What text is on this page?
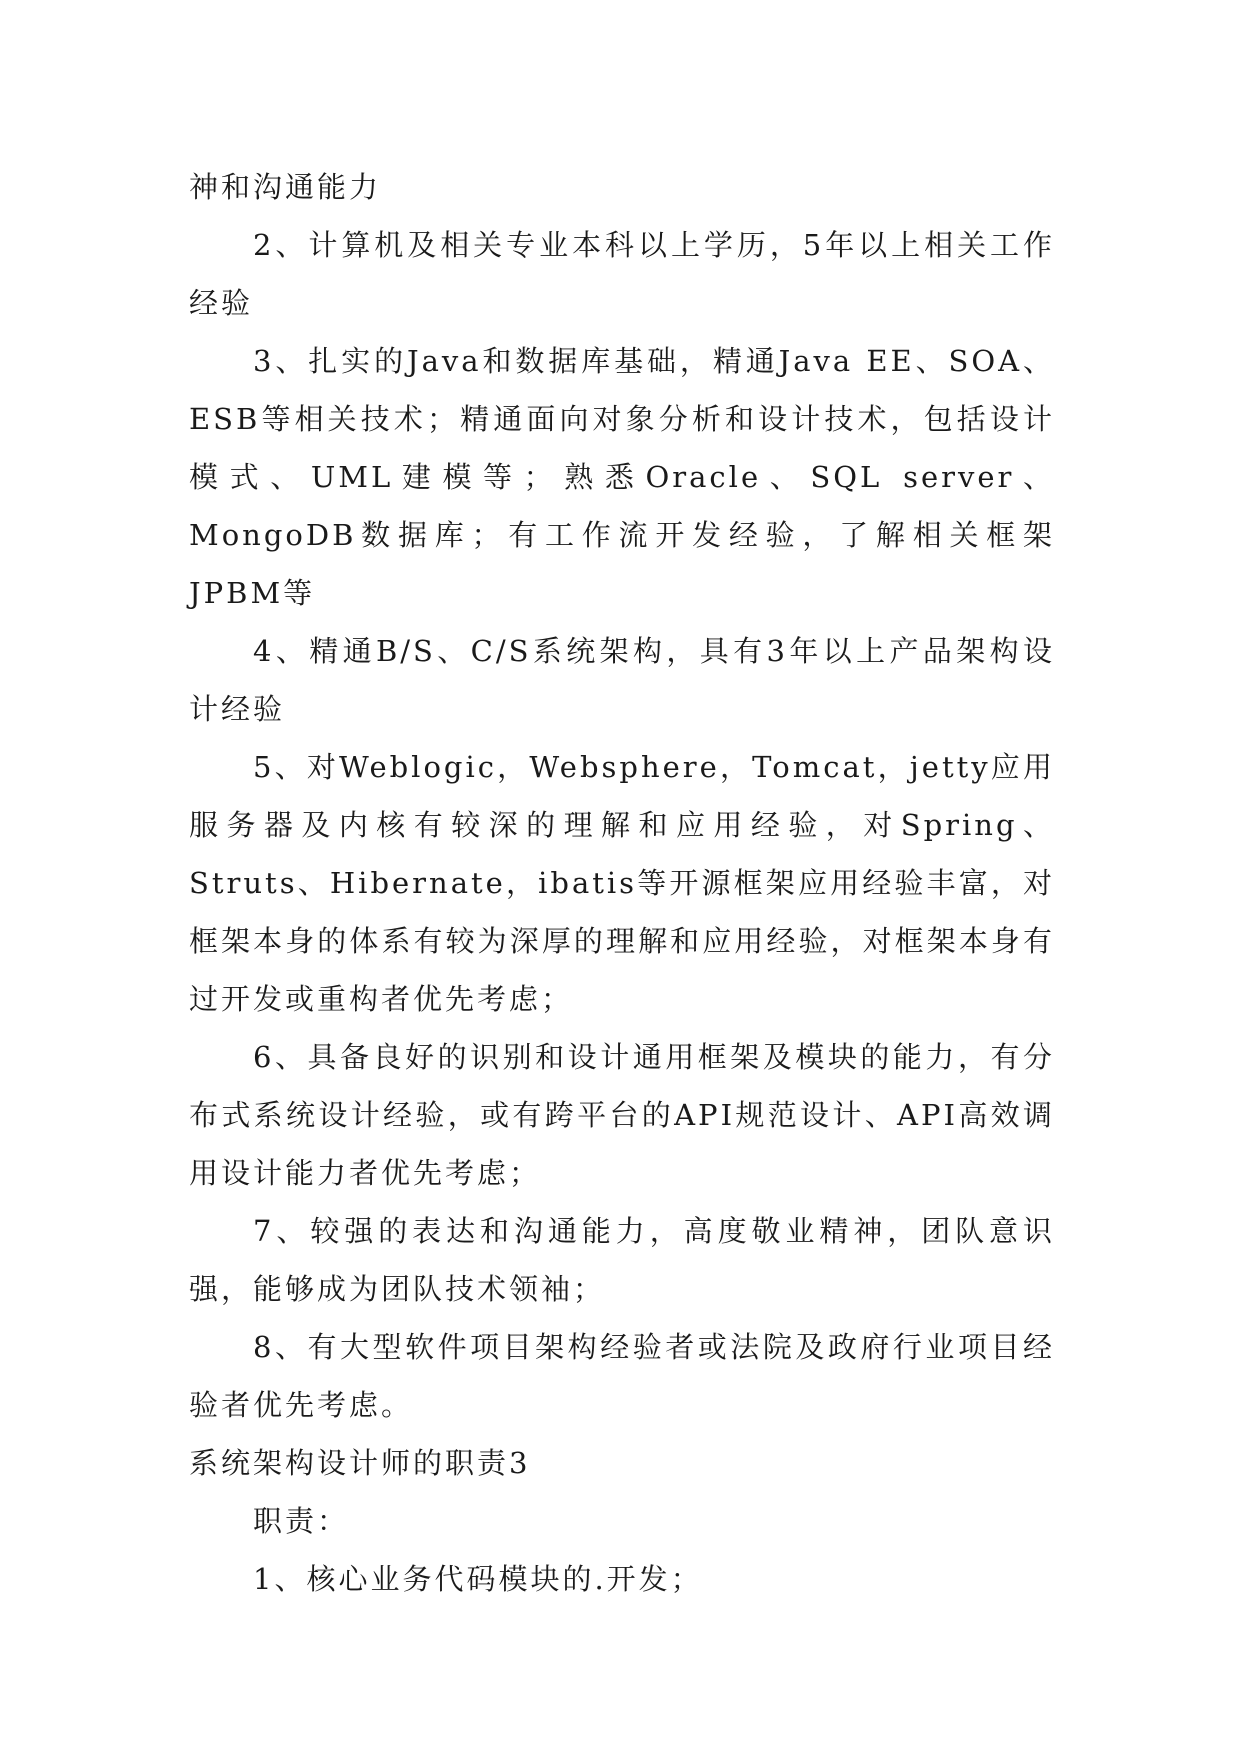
神和沟通能力

2、计算机及相关专业本科以上学历，5年以上相关工作经验

3、扎实的Java和数据库基础，精通Java EE、SOA、ESB等相关技术；精通面向对象分析和设计技术，包括设计模式、UML建模等；熟悉Oracle、SQL server、MongoDB数据库；有工作流开发经验，了解相关框架JPBM等

4、精通B/S、C/S系统架构，具有3年以上产品架构设计经验

5、对Weblogic，Websphere，Tomcat，jetty应用服务器及内核有较深的理解和应用经验，对Spring、Struts、Hibernate，ibatis等开源框架应用经验丰富，对框架本身的体系有较为深厚的理解和应用经验，对框架本身有过开发或重构者优先考虑；

6、具备良好的识别和设计通用框架及模块的能力，有分布式系统设计经验，或有跨平台的API规范设计、API高效调用设计能力者优先考虑；

7、较强的表达和沟通能力，高度敬业精神，团队意识强，能够成为团队技术领袖；

8、有大型软件项目架构经验者或法院及政府行业项目经验者优先考虑。

系统架构设计师的职责3

职责：

1、核心业务代码模块的.开发；
